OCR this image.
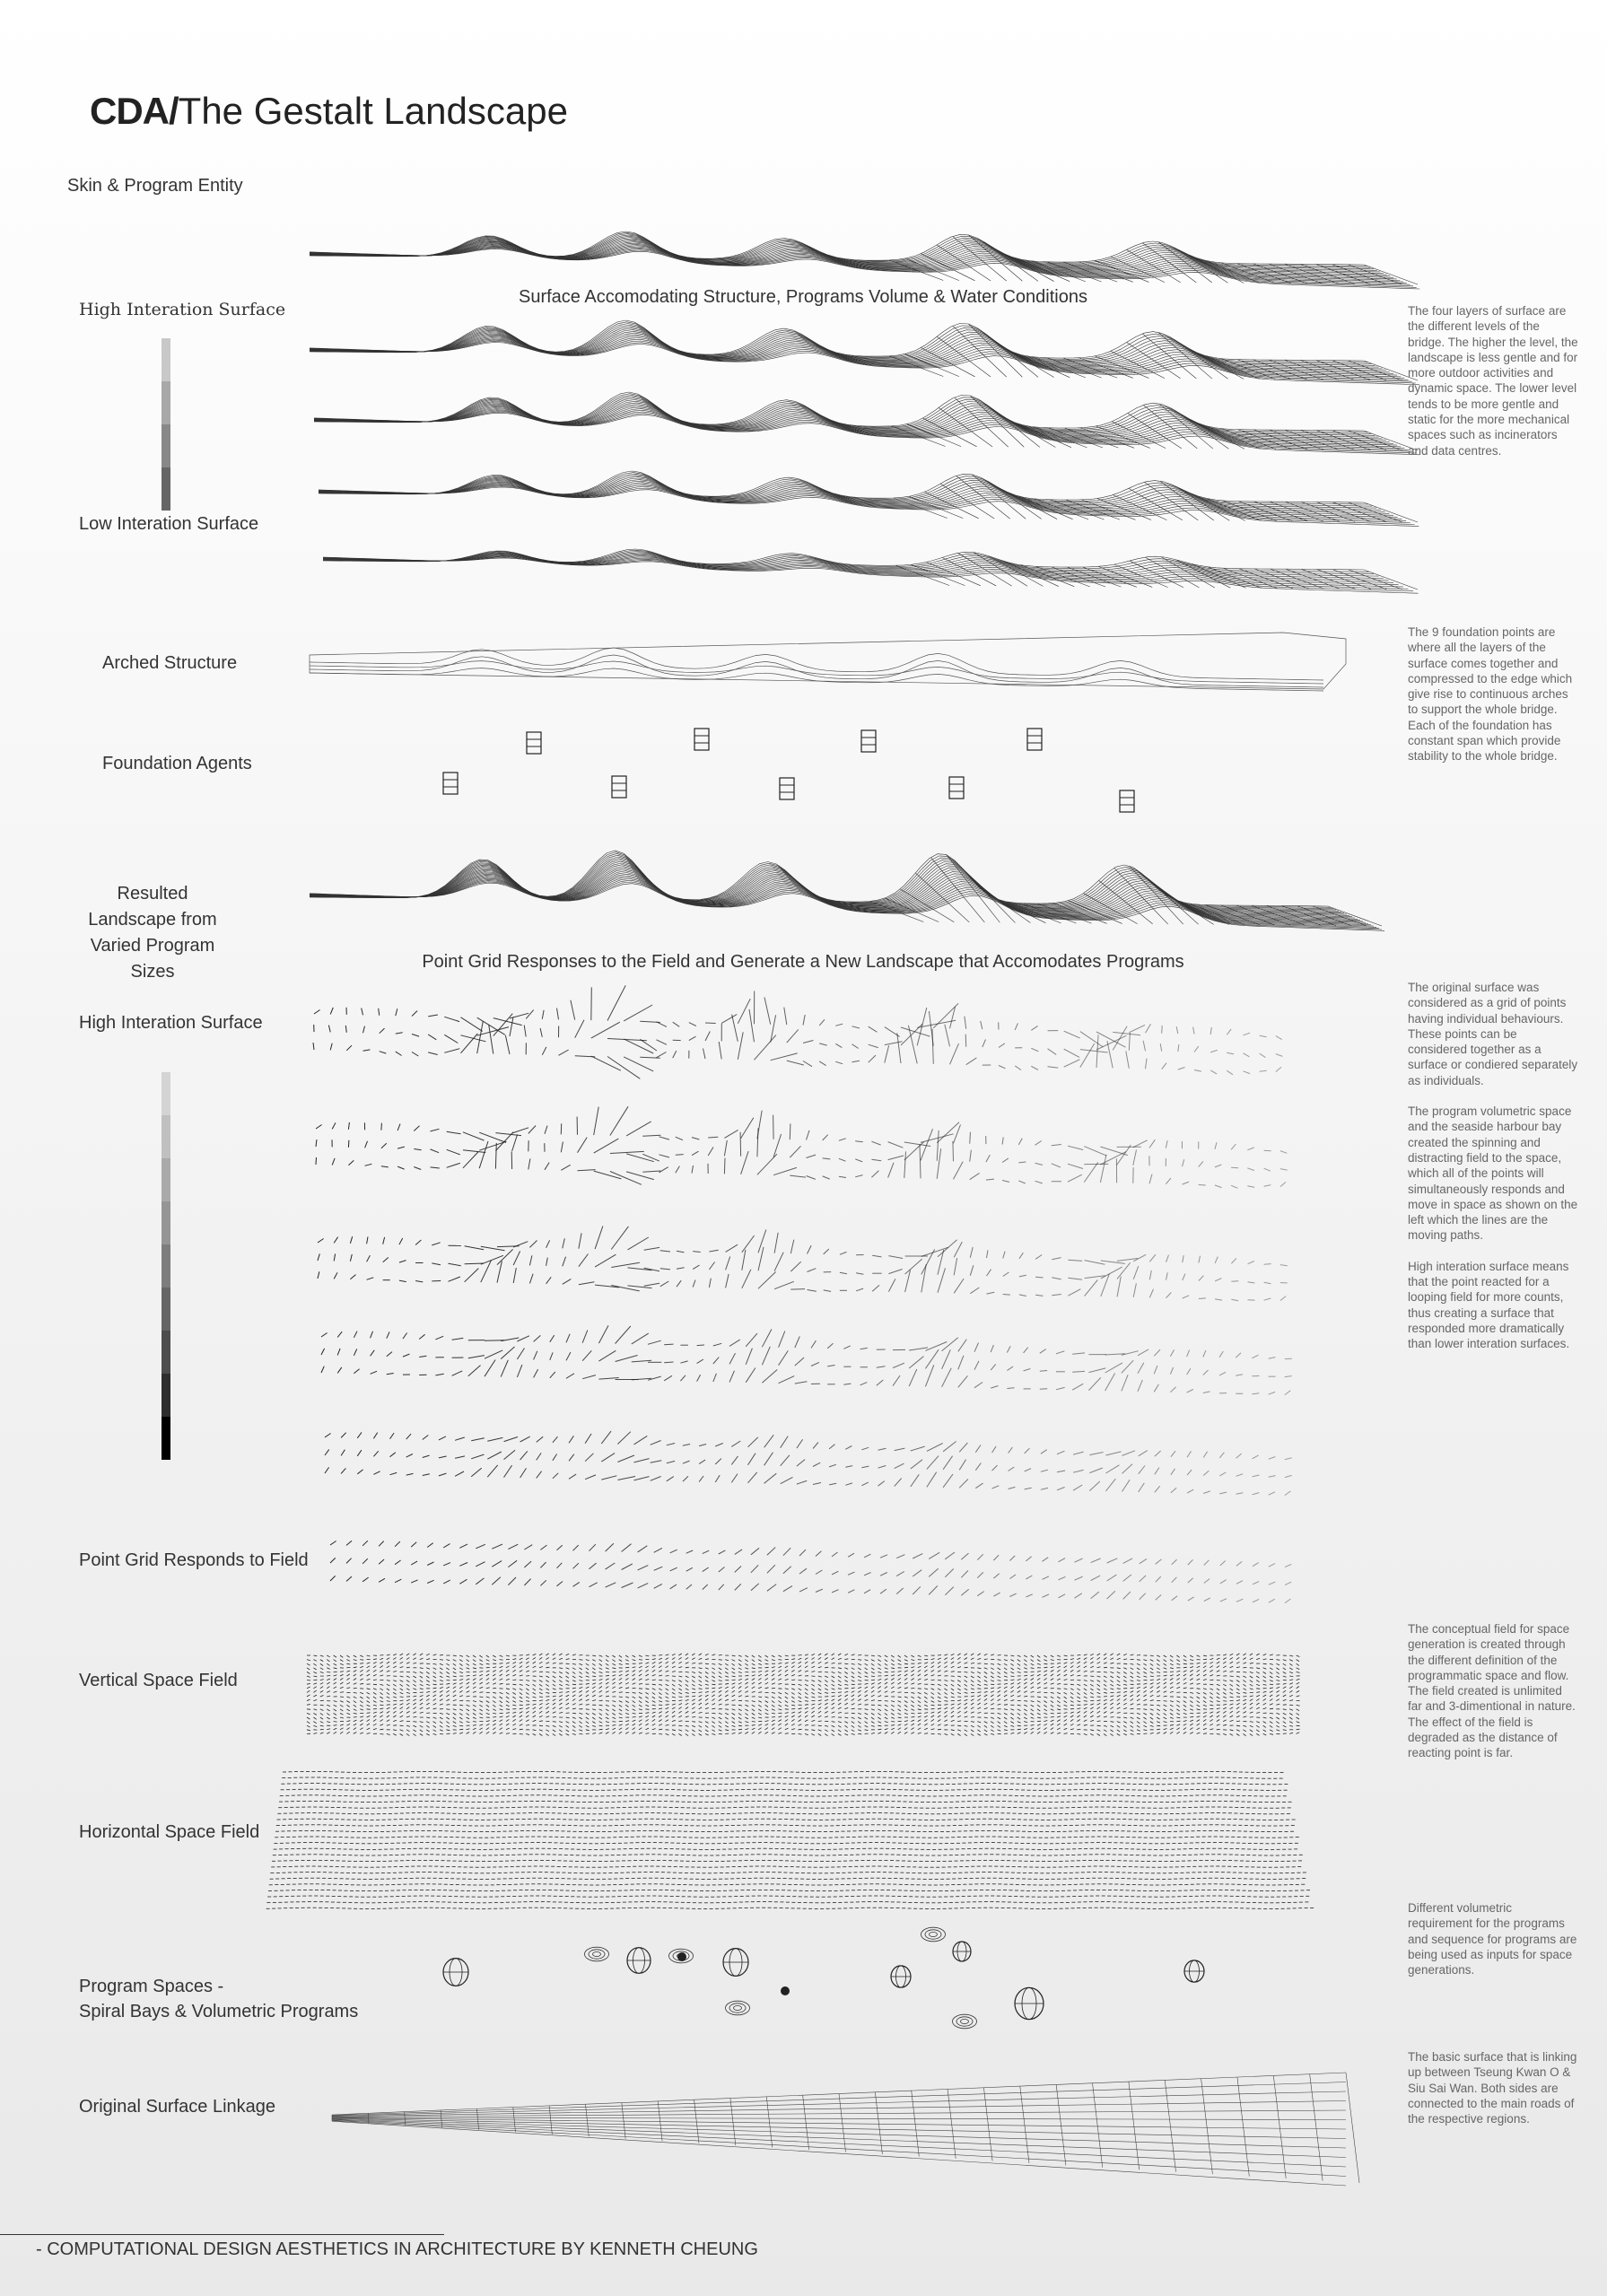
CDA/The Gestalt Landscape
Skin & Program Entity
Surface Accomodating Structure, Programs Volume & Water Conditions
High Interation Surface
Low Interation Surface
Arched Structure
Foundation Agents
Resulted Landscape from Varied Program Sizes	Point Grid Responses to the Field and Generate a New Landscape that Accomodates Programs
High Interation Surface
Point Grid Responds to Field
Vertical Space Field
Horizontal Space Field
Program Spaces -
Spiral Bays & Volumetric Programs
Original Surface Linkage
The four layers of surface are the different levels of the bridge. The higher the level, the landscape is less gentle and for more outdoor activities and dynamic space. The lower level tends to be more gentle and static for the more mechanical spaces such as incinerators and data centres.
The 9 foundation points are where all the layers of the surface comes together and compressed to the edge which give rise to continuous arches to support the whole bridge. Each of the foundation has constant span which provide stability to the whole bridge.

The original surface was considered as a grid of points having individual behaviours. These points can be considered together as a surface or condiered separately as individuals.

The program volumetric space and the seaside harbour bay created the spinning and distracting field to the space, which all of the points will simultaneously responds and move in space as shown on the left which the lines are the moving paths.

High interation surface means that the point reacted for a looping field for more counts, thus creating a surface that responded more dramatically than lower interation surfaces.

The conceptual field for space generation is created through the different definition of the programmatic space and flow. The field created is unlimited far and 3-dimentional in nature. The effect of the field is degraded as the distance of reacting point is far.
Different volumetric requirement for the programs and sequence for programs are being used as inputs for space generations.
The basic surface that is linking up between Tseung Kwan O & Siu Sai Wan. Both sides are connected to the main roads of the respective regions.
- COMPUTATIONAL DESIGN AESTHETICS IN ARCHITECTURE BY KENNETH CHEUNG
